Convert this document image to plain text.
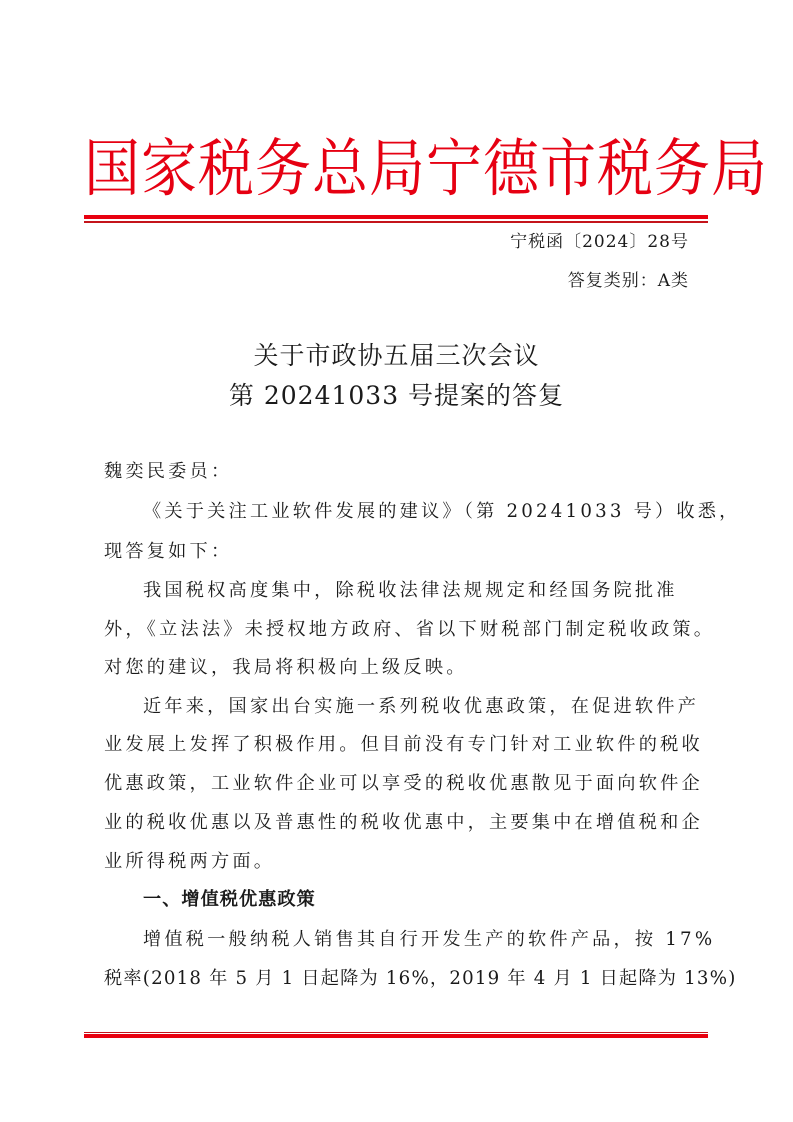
国家税务总局宁德市税务局
宁税函〔2024〕28号
答复类别：A类
关于市政协五届三次会议
第 20241033 号提案的答复
魏奕民委员：
《关于关注工业软件发展的建议》（第 20241033 号）收悉，
现答复如下：
我国税权高度集中，除税收法律法规规定和经国务院批准
外，《立法法》未授权地方政府、省以下财税部门制定税收政策。
对您的建议，我局将积极向上级反映。
近年来，国家出台实施一系列税收优惠政策，在促进软件产
业发展上发挥了积极作用。但目前没有专门针对工业软件的税收
优惠政策，工业软件企业可以享受的税收优惠散见于面向软件企
业的税收优惠以及普惠性的税收优惠中，主要集中在增值税和企
业所得税两方面。
一、增值税优惠政策
增值税一般纳税人销售其自行开发生产的软件产品，按 17%
税率(2018 年 5 月 1 日起降为 16%，2019 年 4 月 1 日起降为 13%)
